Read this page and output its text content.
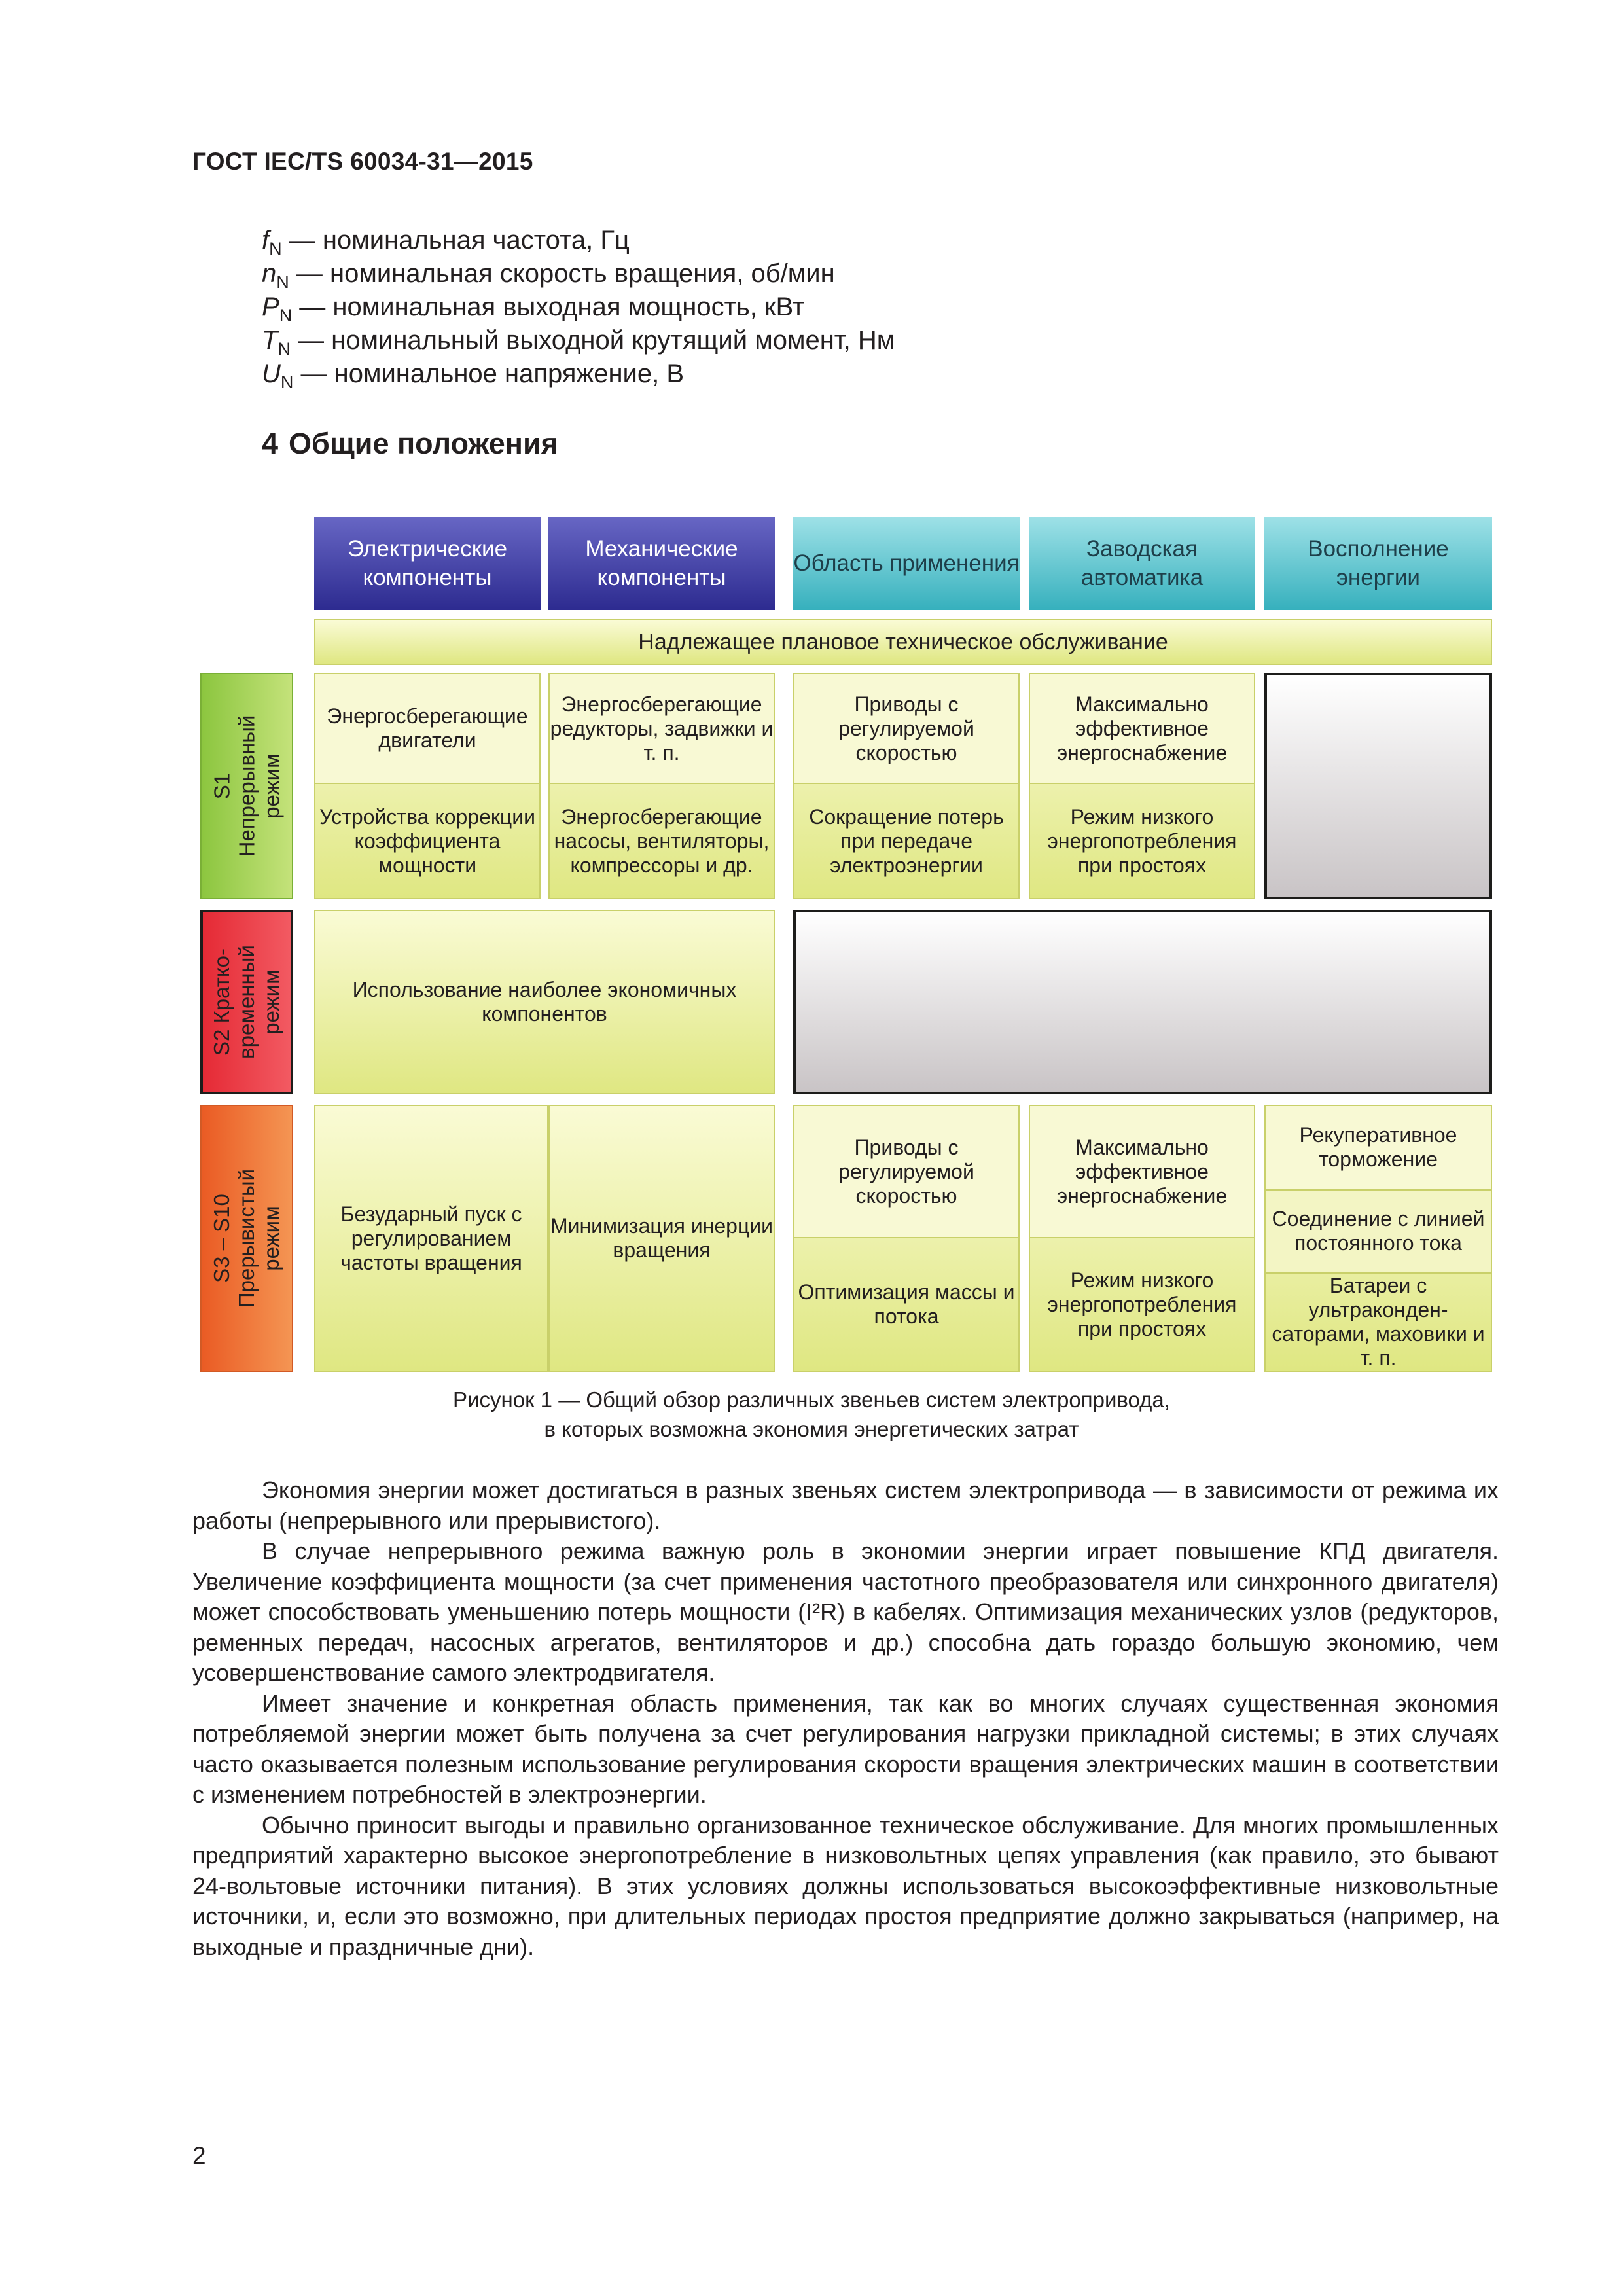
ГОСТ IEC/TS 60034-31—2015
$f_N$ — номинальная частота, Гц
$n_N$ — номинальная скорость вращения, об/мин
$P_N$ — номинальная выходная мощность, кВт
$T_N$ — номинальный выходной крутящий момент, Нм
$U_N$ — номинальное напряжение, В
4 Общие положения
Электрические компоненты
Механические компоненты
Область применения
Заводская автоматика
Восполнение энергии
Надлежащее плановое техническое обслуживание
S1 Непрерывный режим
S2 Кратко- временный режим
S3 – S10 Прерывистый режим
Энергосберегающие двигатели
Устройства коррекции коэффициента мощности
Энергосберегающие редукторы, задвижки и т. п.
Энергосберегающие насосы, вентиляторы, компрессоры и др.
Приводы с регулируемой скоростью
Сокращение потерь при передаче электроэнергии
Максимально эффективное энергоснабжение
Режим низкого энергопотребления при простоях
Использование наиболее экономичных компонентов
Безударный пуск с регулированием частоты вращения
Минимизация инерции вращения
Приводы с регулируемой скоростью
Оптимизация массы и потока
Максимально эффективное энергоснабжение
Режим низкого энергопотребления при простоях
Рекуперативное торможение
Соединение с линией постоянного тока
Батареи с ультраконден- саторами, маховики и т. п.
Рисунок 1 — Общий обзор различных звеньев систем электропривода,
в которых возможна экономия энергетических затрат

Экономия энергии может достигаться в разных звеньях систем электропривода — в зависимости от режима их работы (непрерывного или прерывистого).

В случае непрерывного режима важную роль в экономии энергии играет повышение КПД двигателя. Увеличение коэффициента мощности (за счет применения частотного преобразователя или синхронного двигателя) может способствовать уменьшению потерь мощности (I²R) в кабелях. Оптимизация механических узлов (редукторов, ременных передач, насосных агрегатов, вентиляторов и др.) способна дать гораздо большую экономию, чем усовершенствование самого электродвигателя.

Имеет значение и конкретная область применения, так как во многих случаях существенная экономия потребляемой энергии может быть получена за счет регулирования нагрузки прикладной системы; в этих случаях часто оказывается полезным использование регулирования скорости вращения электрических машин в соответствии с изменением потребностей в электроэнергии.

Обычно приносит выгоды и правильно организованное техническое обслуживание. Для многих промышленных предприятий характерно высокое энергопотребление в низковольтных цепях управления (как правило, это бывают 24-вольтовые источники питания). В этих условиях должны использоваться высокоэффективные низковольтные источники, и, если это возможно, при длительных периодах простоя предприятие должно закрываться (например, на выходные и праздничные дни).

2
